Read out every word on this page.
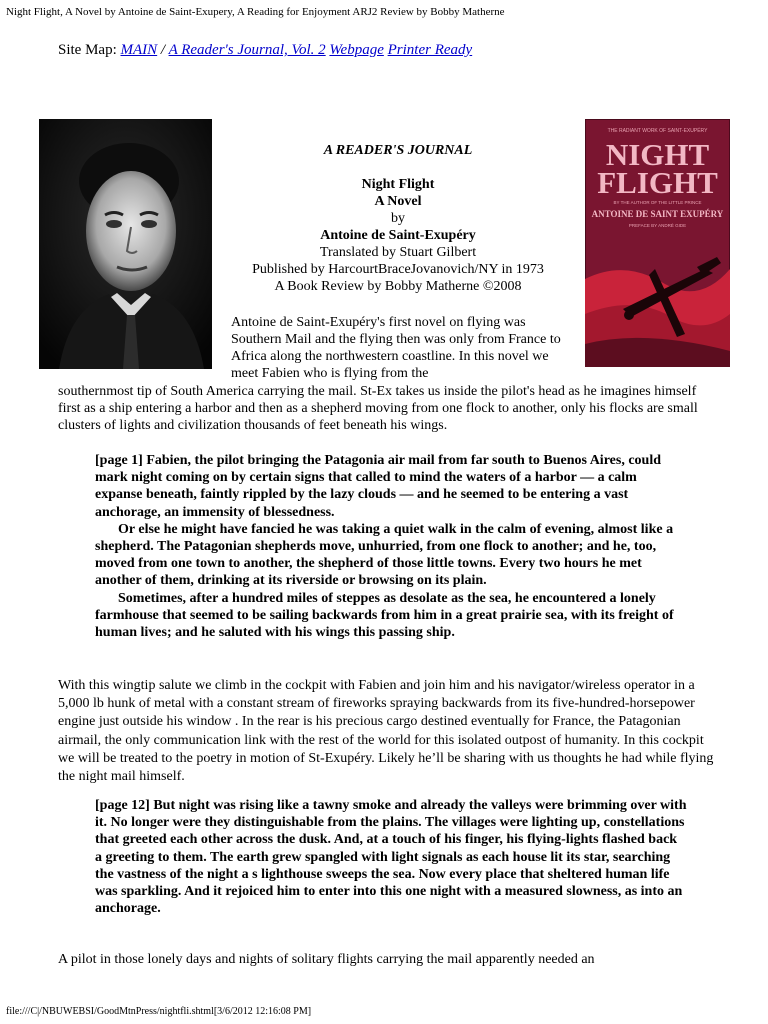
Night Flight, A Novel by Antoine de Saint-Exupery, A Reading for Enjoyment ARJ2 Review by Bobby Matherne
Site Map: MAIN / A Reader's Journal, Vol. 2 Webpage Printer Ready
THE RADIANT WORK OF SAINT-EXUPÉRY
NIGHT
FLIGHT
BY THE AUTHOR OF THE LITTLE PRINCE
ANTOINE DE SAINT EXUPÉRY
PREFACE BY ANDRÉ GIDE
A READER'S JOURNAL
Night Flight
A Novel
by
Antoine de Saint-Exupéry
Translated by Stuart Gilbert
Published by HarcourtBraceJovanovich/NY in 1973
A Book Review by Bobby Matherne ©2008
Antoine de Saint-Exupéry's first novel on flying was Southern Mail and the flying then was only from France to Africa along the northwestern coastline. In this novel we meet Fabien who is flying from the
southernmost tip of South America carrying the mail. St-Ex takes us inside the pilot's head as he imagines himself first as a ship entering a harbor and then as a shepherd moving from one flock to another, only his flocks are small clusters of lights and civilization thousands of feet beneath his wings.

[page 1] Fabien, the pilot bringing the Patagonia air mail from far south to Buenos Aires, could mark night coming on by certain signs that called to mind the waters of a harbor — a calm expanse beneath, faintly rippled by the lazy clouds — and he seemed to be entering a vast anchorage, an immensity of blessedness.

Or else he might have fancied he was taking a quiet walk in the calm of evening, almost like a shepherd. The Patagonian shepherds move, unhurried, from one flock to another; and he, too, moved from one town to another, the shepherd of those little towns. Every two hours he met another of them, drinking at its riverside or browsing on its plain.

Sometimes, after a hundred miles of steppes as desolate as the sea, he encountered a lonely farmhouse that seemed to be sailing backwards from him in a great prairie sea, with its freight of human lives; and he saluted with his wings this passing ship.

With this wingtip salute we climb in the cockpit with Fabien and join him and his navigator/wireless operator in a 5,000 lb hunk of metal with a constant stream of fireworks spraying backwards from its five-hundred-horsepower engine just outside his window . In the rear is his precious cargo destined eventually for France, the Patagonian airmail, the only communication link with the rest of the world for this isolated outpost of humanity. In this cockpit we will be treated to the poetry in motion of St-Exupéry. Likely he’ll be sharing with us thoughts he had while flying the night mail himself.

[page 12] But night was rising like a tawny smoke and already the valleys were brimming over with it. No longer were they distinguishable from the plains. The villages were lighting up, constellations that greeted each other across the dusk. And, at a touch of his finger, his flying-lights flashed back a greeting to them. The earth grew spangled with light signals as each house lit its star, searching the vastness of the night a s lighthouse sweeps the sea. Now every place that sheltered human life was sparkling. And it rejoiced him to enter into this one night with a measured slowness, as into an anchorage.

A pilot in those lonely days and nights of solitary flights carrying the mail apparently needed an
file:///C|/NBUWEBSI/GoodMtnPress/nightfli.shtml[3/6/2012 12:16:08 PM]
